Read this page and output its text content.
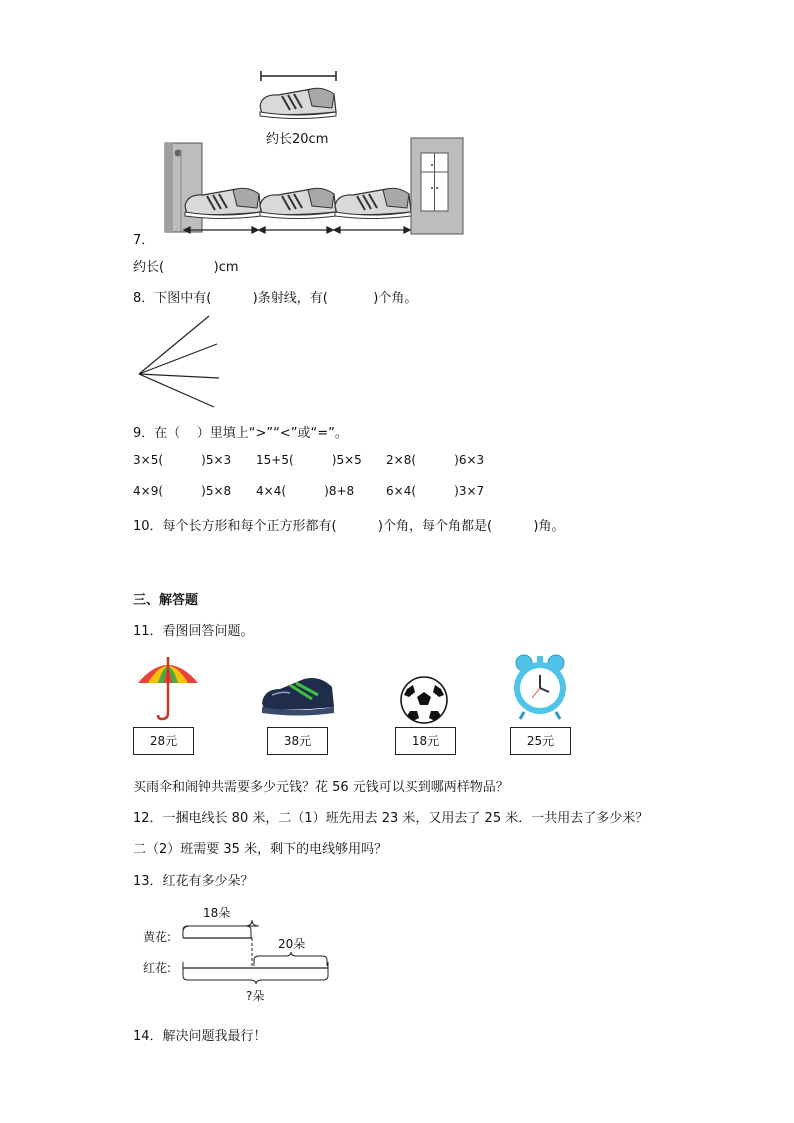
约长20cm
7．
约长(            )cm
8．下图中有(          )条射线，有(           )个角。
9．在（    ）里填上“>”“<”或“=”。
3×5(          )5×3 15+5(          )5×5 2×8(          )6×3
4×9(          )5×8 4×4(          )8+8	6×4(          )3×7
10．每个长方形和每个正方形都有(          )个角，每个角都是(          )角。
三、解答题
11．看图回答问题。
28元	38元	18元	25元
买雨伞和闹钟共需要多少元钱？花 56 元钱可以买到哪两样物品？
12．一捆电线长 80 米，二（1）班先用去 23 米，又用去了 25 米．一共用去了多少米？
二（2）班需要 35 米，剩下的电线够用吗？
13．红花有多少朵？
18朵
黄花:	20朵
红花:
?朵
14．解决问题我最行！
